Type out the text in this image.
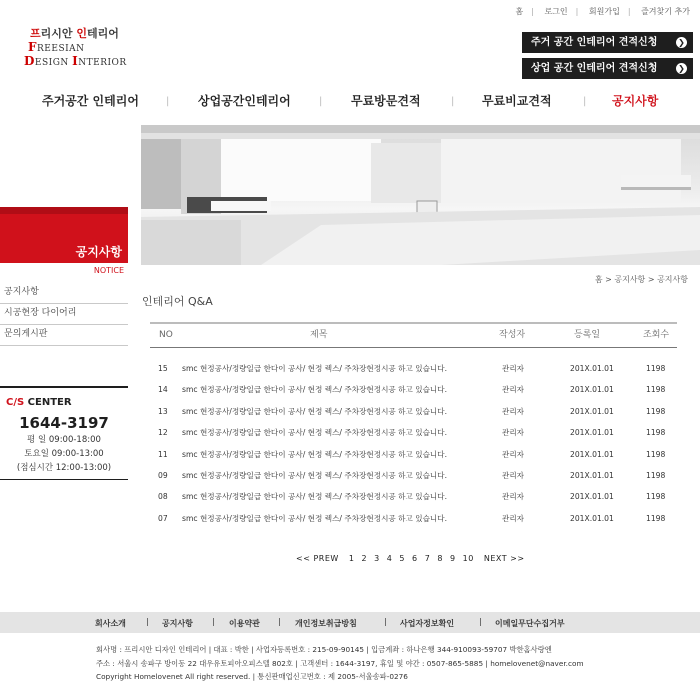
홈 | 로그인 | 회원가입 | 즐겨찾기 추가
프리시안 인테리어
FREESIAN
DESIGN INTERIOR
주거 공간 인테리어 견적신청	❯
상업 공간 인테리어 견적신청	❯
주거공간 인테리어	| 상업공간인테리어	| 무료방문견적	| 무료비교견적	| 공지사항
공지사항
NOTICE
공지사항
시공현장 다이어리
문의게시판
C/S CENTER
1644-3197
평 일 09:00-18:00
토요일 09:00-13:00
(점심시간 12:00-13:00)
홈 > 공지사항 > 공지사항
인테리어 Q&A
NO	제목	작성자	등록일	조회수
15 smc 현정공사/정량일급 한다이 공사/ 현정 렉스/ 주차장현정시공 하고 있습니다.	관리자	201X.01.01	1198
14 smc 현정공사/정량일급 한다이 공사/ 현정 렉스/ 주차장현정시공 하고 있습니다.	관리자	201X.01.01	1198
13 smc 현정공사/정량일급 한다이 공사/ 현정 렉스/ 주차장현정시공 하고 있습니다.	관리자	201X.01.01	1198
12 smc 현정공사/정량일급 한다이 공사/ 현정 렉스/ 주차장현정시공 하고 있습니다.	관리자	201X.01.01	1198
11 smc 현정공사/정량일급 한다이 공사/ 현정 렉스/ 주차장현정시공 하고 있습니다.	관리자	201X.01.01	1198
09 smc 현정공사/정량일급 한다이 공사/ 현정 렉스/ 주차장현정시공 하고 있습니다.	관리자	201X.01.01	1198
08 smc 현정공사/정량일급 한다이 공사/ 현정 렉스/ 주차장현정시공 하고 있습니다.	관리자	201X.01.01	1198
07 smc 현정공사/정량일급 한다이 공사/ 현정 렉스/ 주차장현정시공 하고 있습니다.	관리자	201X.01.01	1198
<< PREW 1 2 3 4 5 6 7 8 9 10 NEXT >>
회사소개	| 공지사항 | 이용약관 | 개인정보취급방침	| 사업자정보확인	| 이메일무단수집거부
회사명 : 프리시안 디자인 인테리어 | 대표 : 박한 | 사업자등록번호 : 215-09-90145 | 입금계좌 : 하나은행 344-910093-59707 박한홈사랑엔
주소 : 서울시 송파구 방이동 22 대우유토피아오피스텔 802호 | 고객센터 : 1644-3197, 휴일 및 야간 : 0507-865-5885 | homelovenet@naver.com
Copyright Homelovenet All right reserved. | 통신판매업신고번호 : 제 2005-서울송파-0276
